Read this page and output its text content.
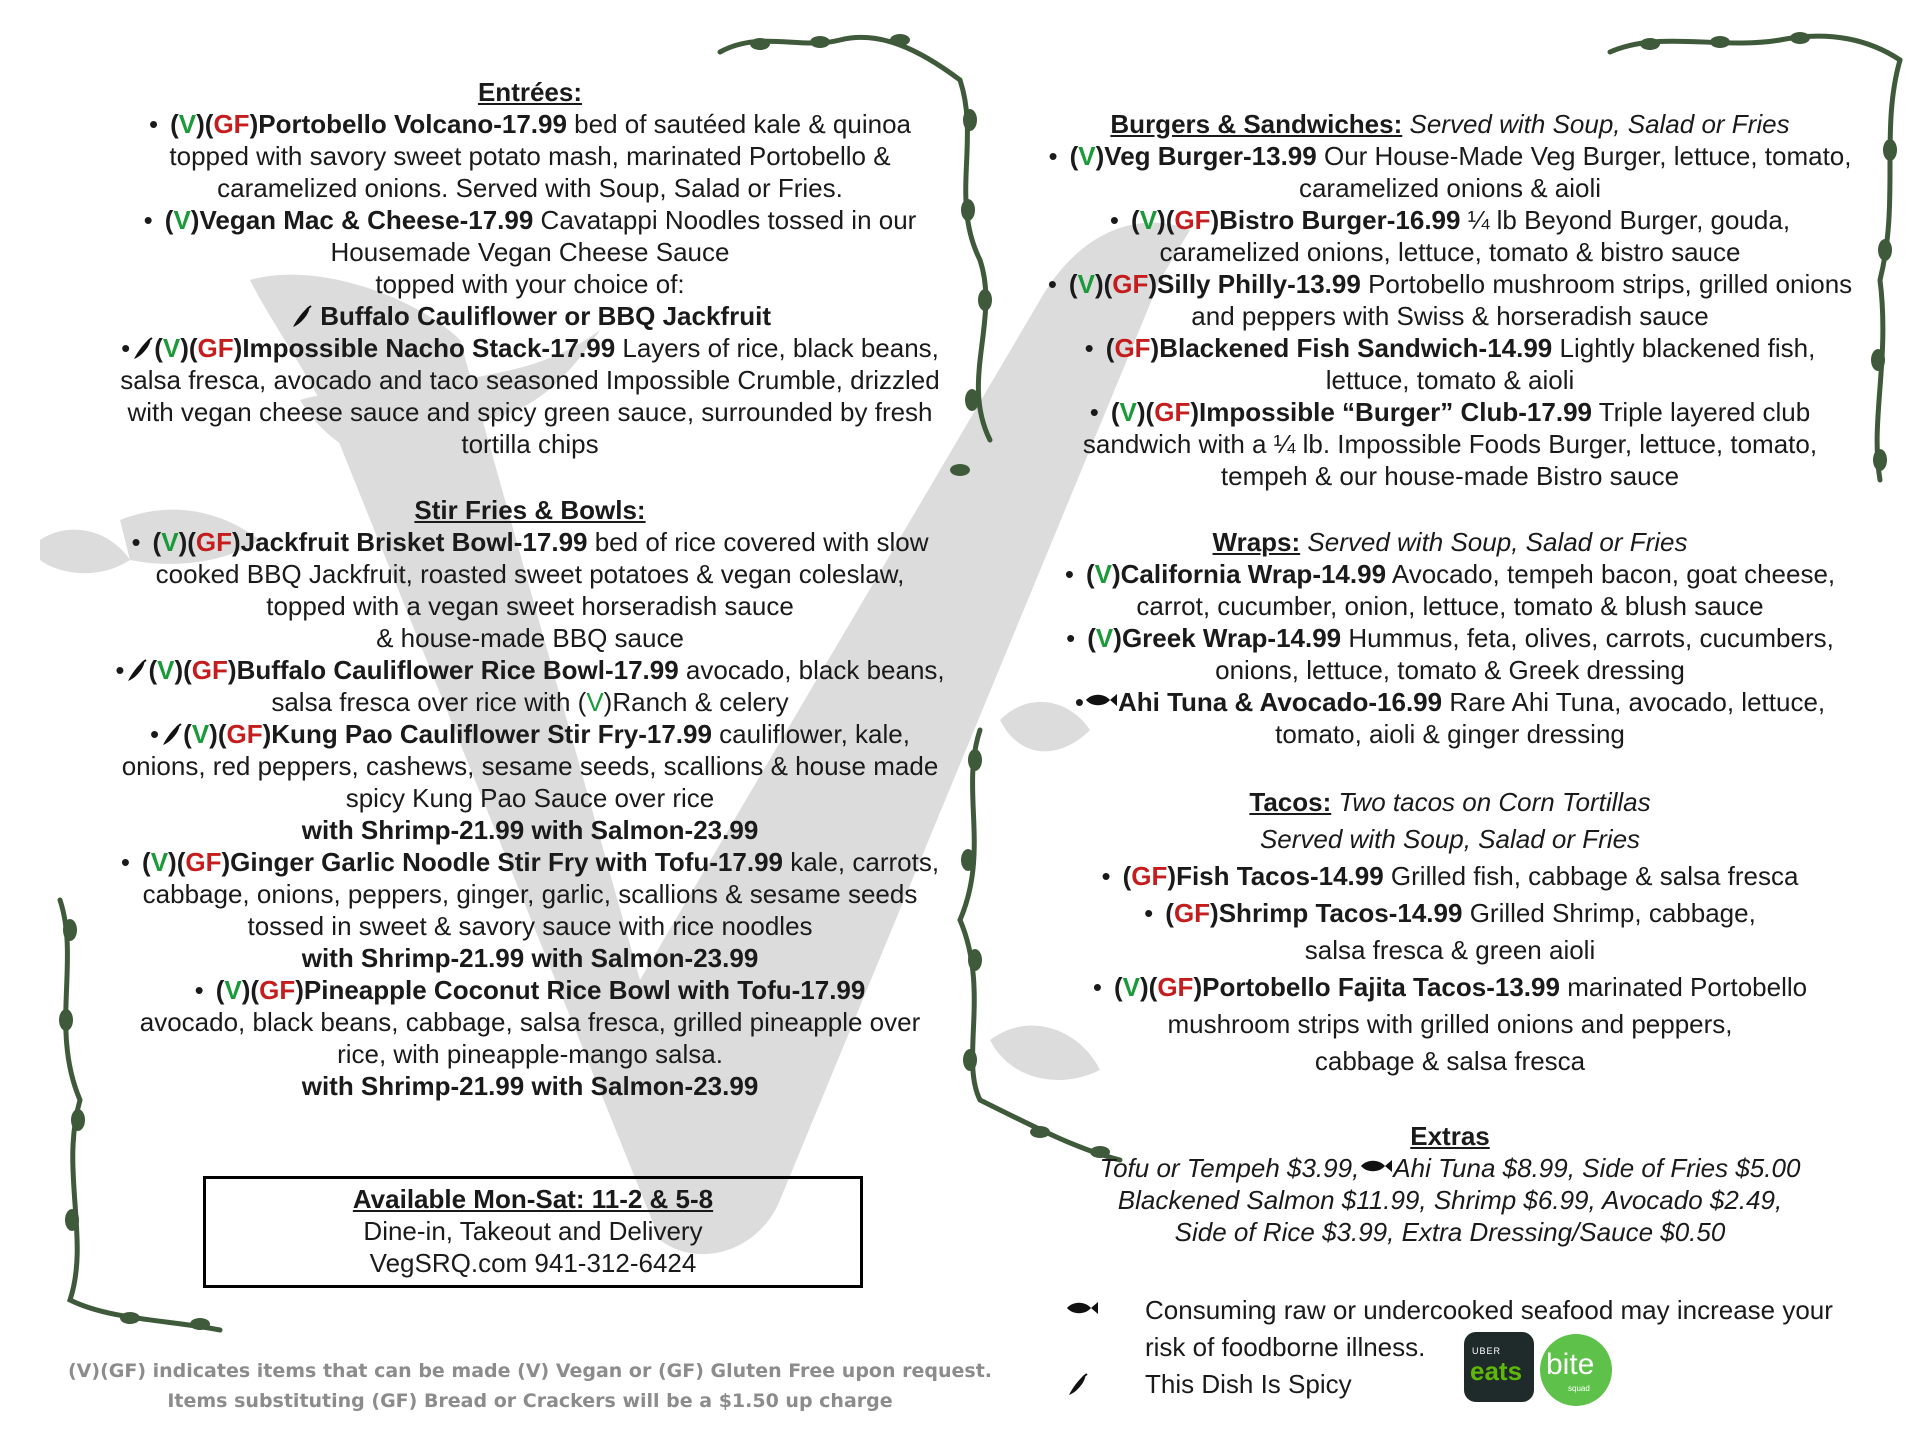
Entrées:

• (V)(GF)Portobello Volcano-17.99 bed of sautéed kale & quinoa topped with savory sweet potato mash, marinated Portobello & caramelized onions. Served with Soup, Salad or Fries.

• (V)Vegan Mac & Cheese-17.99 Cavatappi Noodles tossed in our Housemade Vegan Cheese Sauce
topped with your choice of:
Buffalo Cauliflower or BBQ Jackfruit

• (V)(GF)Impossible Nacho Stack-17.99 Layers of rice, black beans, salsa fresca, avocado and taco seasoned Impossible Crumble, drizzled with vegan cheese sauce and spicy green sauce, surrounded by fresh tortilla chips

Stir Fries & Bowls:

• (V)(GF)Jackfruit Brisket Bowl-17.99 bed of rice covered with slow cooked BBQ Jackfruit, roasted sweet potatoes & vegan coleslaw, topped with a vegan sweet horseradish sauce
& house-made BBQ sauce

• (V)(GF)Buffalo Cauliflower Rice Bowl-17.99 avocado, black beans, salsa fresca over rice with (V)Ranch & celery

• (V)(GF)Kung Pao Cauliflower Stir Fry-17.99 cauliflower, kale, onions, red peppers, cashews, sesame seeds, scallions & house made spicy Kung Pao Sauce over rice
with Shrimp-21.99 with Salmon-23.99

• (V)(GF)Ginger Garlic Noodle Stir Fry with Tofu-17.99 kale, carrots, cabbage, onions, peppers, ginger, garlic, scallions & sesame seeds tossed in sweet & savory sauce with rice noodles
with Shrimp-21.99 with Salmon-23.99

• (V)(GF)Pineapple Coconut Rice Bowl with Tofu-17.99
avocado, black beans, cabbage, salsa fresca, grilled pineapple over rice, with pineapple-mango salsa.
with Shrimp-21.99 with Salmon-23.99

Available Mon-Sat: 11-2 & 5-8
Dine-in, Takeout and Delivery
VegSRQ.com 941-312-6424
(V)(GF) indicates items that can be made (V) Vegan or (GF) Gluten Free upon request.
Items substituting (GF) Bread or Crackers will be a $1.50 up charge
Burgers & Sandwiches: Served with Soup, Salad or Fries

• (V)Veg Burger-13.99 Our House-Made Veg Burger, lettuce, tomato, caramelized onions & aioli

• (V)(GF)Bistro Burger-16.99 ¼ lb Beyond Burger, gouda, caramelized onions, lettuce, tomato & bistro sauce

• (V)(GF)Silly Philly-13.99 Portobello mushroom strips, grilled onions and peppers with Swiss & horseradish sauce

• (GF)Blackened Fish Sandwich-14.99 Lightly blackened fish, lettuce, tomato & aioli

• (V)(GF)Impossible “Burger” Club-17.99 Triple layered club sandwich with a ¼ lb. Impossible Foods Burger, lettuce, tomato, tempeh & our house-made Bistro sauce

Wraps: Served with Soup, Salad or Fries

• (V)California Wrap-14.99 Avocado, tempeh bacon, goat cheese, carrot, cucumber, onion, lettuce, tomato & blush sauce

• (V)Greek Wrap-14.99 Hummus, feta, olives, carrots, cucumbers, onions, lettuce, tomato & Greek dressing

• Ahi Tuna & Avocado-16.99 Rare Ahi Tuna, avocado, lettuce,
tomato, aioli & ginger dressing

Tacos: Two tacos on Corn Tortillas
Served with Soup, Salad or Fries

• (GF)Fish Tacos-14.99 Grilled fish, cabbage & salsa fresca

• (GF)Shrimp Tacos-14.99 Grilled Shrimp, cabbage,
salsa fresca & green aioli

• (V)(GF)Portobello Fajita Tacos-13.99 marinated Portobello
mushroom strips with grilled onions and peppers,
cabbage & salsa fresca

Extras
Tofu or Tempeh $3.99, Ahi Tuna $8.99, Side of Fries $5.00
Blackened Salmon $11.99, Shrimp $6.99, Avocado $2.49,
Side of Rice $3.99, Extra Dressing/Sauce $0.50
Consuming raw or undercooked seafood may increase your
risk of foodborne illness.
This Dish Is Spicy
UBER
eats bite
squad
